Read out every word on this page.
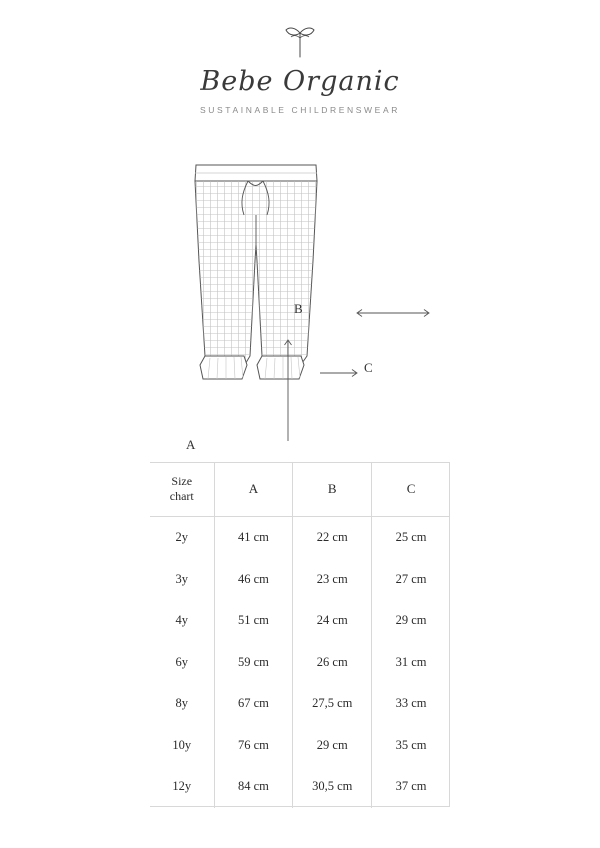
Bebe Organic
SUSTAINABLE CHILDRENSWEAR
A
B
C
Size
chart	A	B	C
2y	41 cm	22 cm	25 cm
3y	46 cm	23 cm	27 cm
4y	51 cm	24 cm	29 cm
6y	59 cm	26 cm	31 cm
8y	67 cm	27,5 cm	33 cm
10y	76 cm	29 cm	35 cm
12y	84 cm	30,5 cm	37 cm
